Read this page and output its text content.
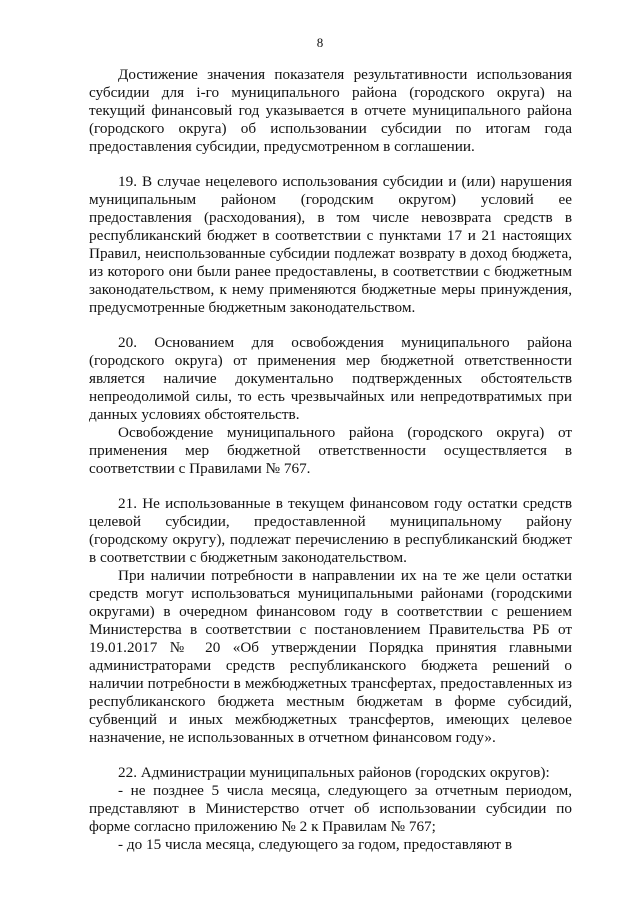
8

Достижение значения показателя результативности использования субсидии для i-го муниципального района (городского округа) на текущий финансовый год указывается в отчете муниципального района (городского округа) об использовании субсидии по итогам года предоставления субсидии, предусмотренном в соглашении.

19. В случае нецелевого использования субсидии и (или) нарушения муниципальным районом (городским округом) условий ее предоставления (расходования), в том числе невозврата средств в республиканский бюджет в соответствии с пунктами 17 и 21 настоящих Правил, неиспользованные субсидии подлежат возврату в доход бюджета, из которого они были ранее предоставлены, в соответствии с бюджетным законодательством, к нему применяются бюджетные меры принуждения, предусмотренные бюджетным законодательством.

20. Основанием для освобождения муниципального района (городского округа) от применения мер бюджетной ответственности является наличие документально подтвержденных обстоятельств непреодолимой силы, то есть чрезвычайных или непредотвратимых при данных условиях обстоятельств.

Освобождение муниципального района (городского округа) от применения мер бюджетной ответственности осуществляется в соответствии с Правилами № 767.

21. Не использованные в текущем финансовом году остатки средств целевой субсидии, предоставленной муниципальному району (городскому округу), подлежат перечислению в республиканский бюджет в соответствии с бюджетным законодательством.

При наличии потребности в направлении их на те же цели остатки средств могут использоваться муниципальными районами (городскими округами) в очередном финансовом году в соответствии с решением Министерства в соответствии с постановлением Правительства РБ от 19.01.2017 № 20 «Об утверждении Порядка принятия главными администраторами средств республиканского бюджета решений о наличии потребности в межбюджетных трансфертах, предоставленных из республиканского бюджета местным бюджетам в форме субсидий, субвенций и иных межбюджетных трансфертов, имеющих целевое назначение, не использованных в отчетном финансовом году».

22. Администрации муниципальных районов (городских округов):

- не позднее 5 числа месяца, следующего за отчетным периодом, представляют в Министерство отчет об использовании субсидии по форме согласно приложению № 2 к Правилам № 767;

- до 15 числа месяца, следующего за годом, предоставляют в
